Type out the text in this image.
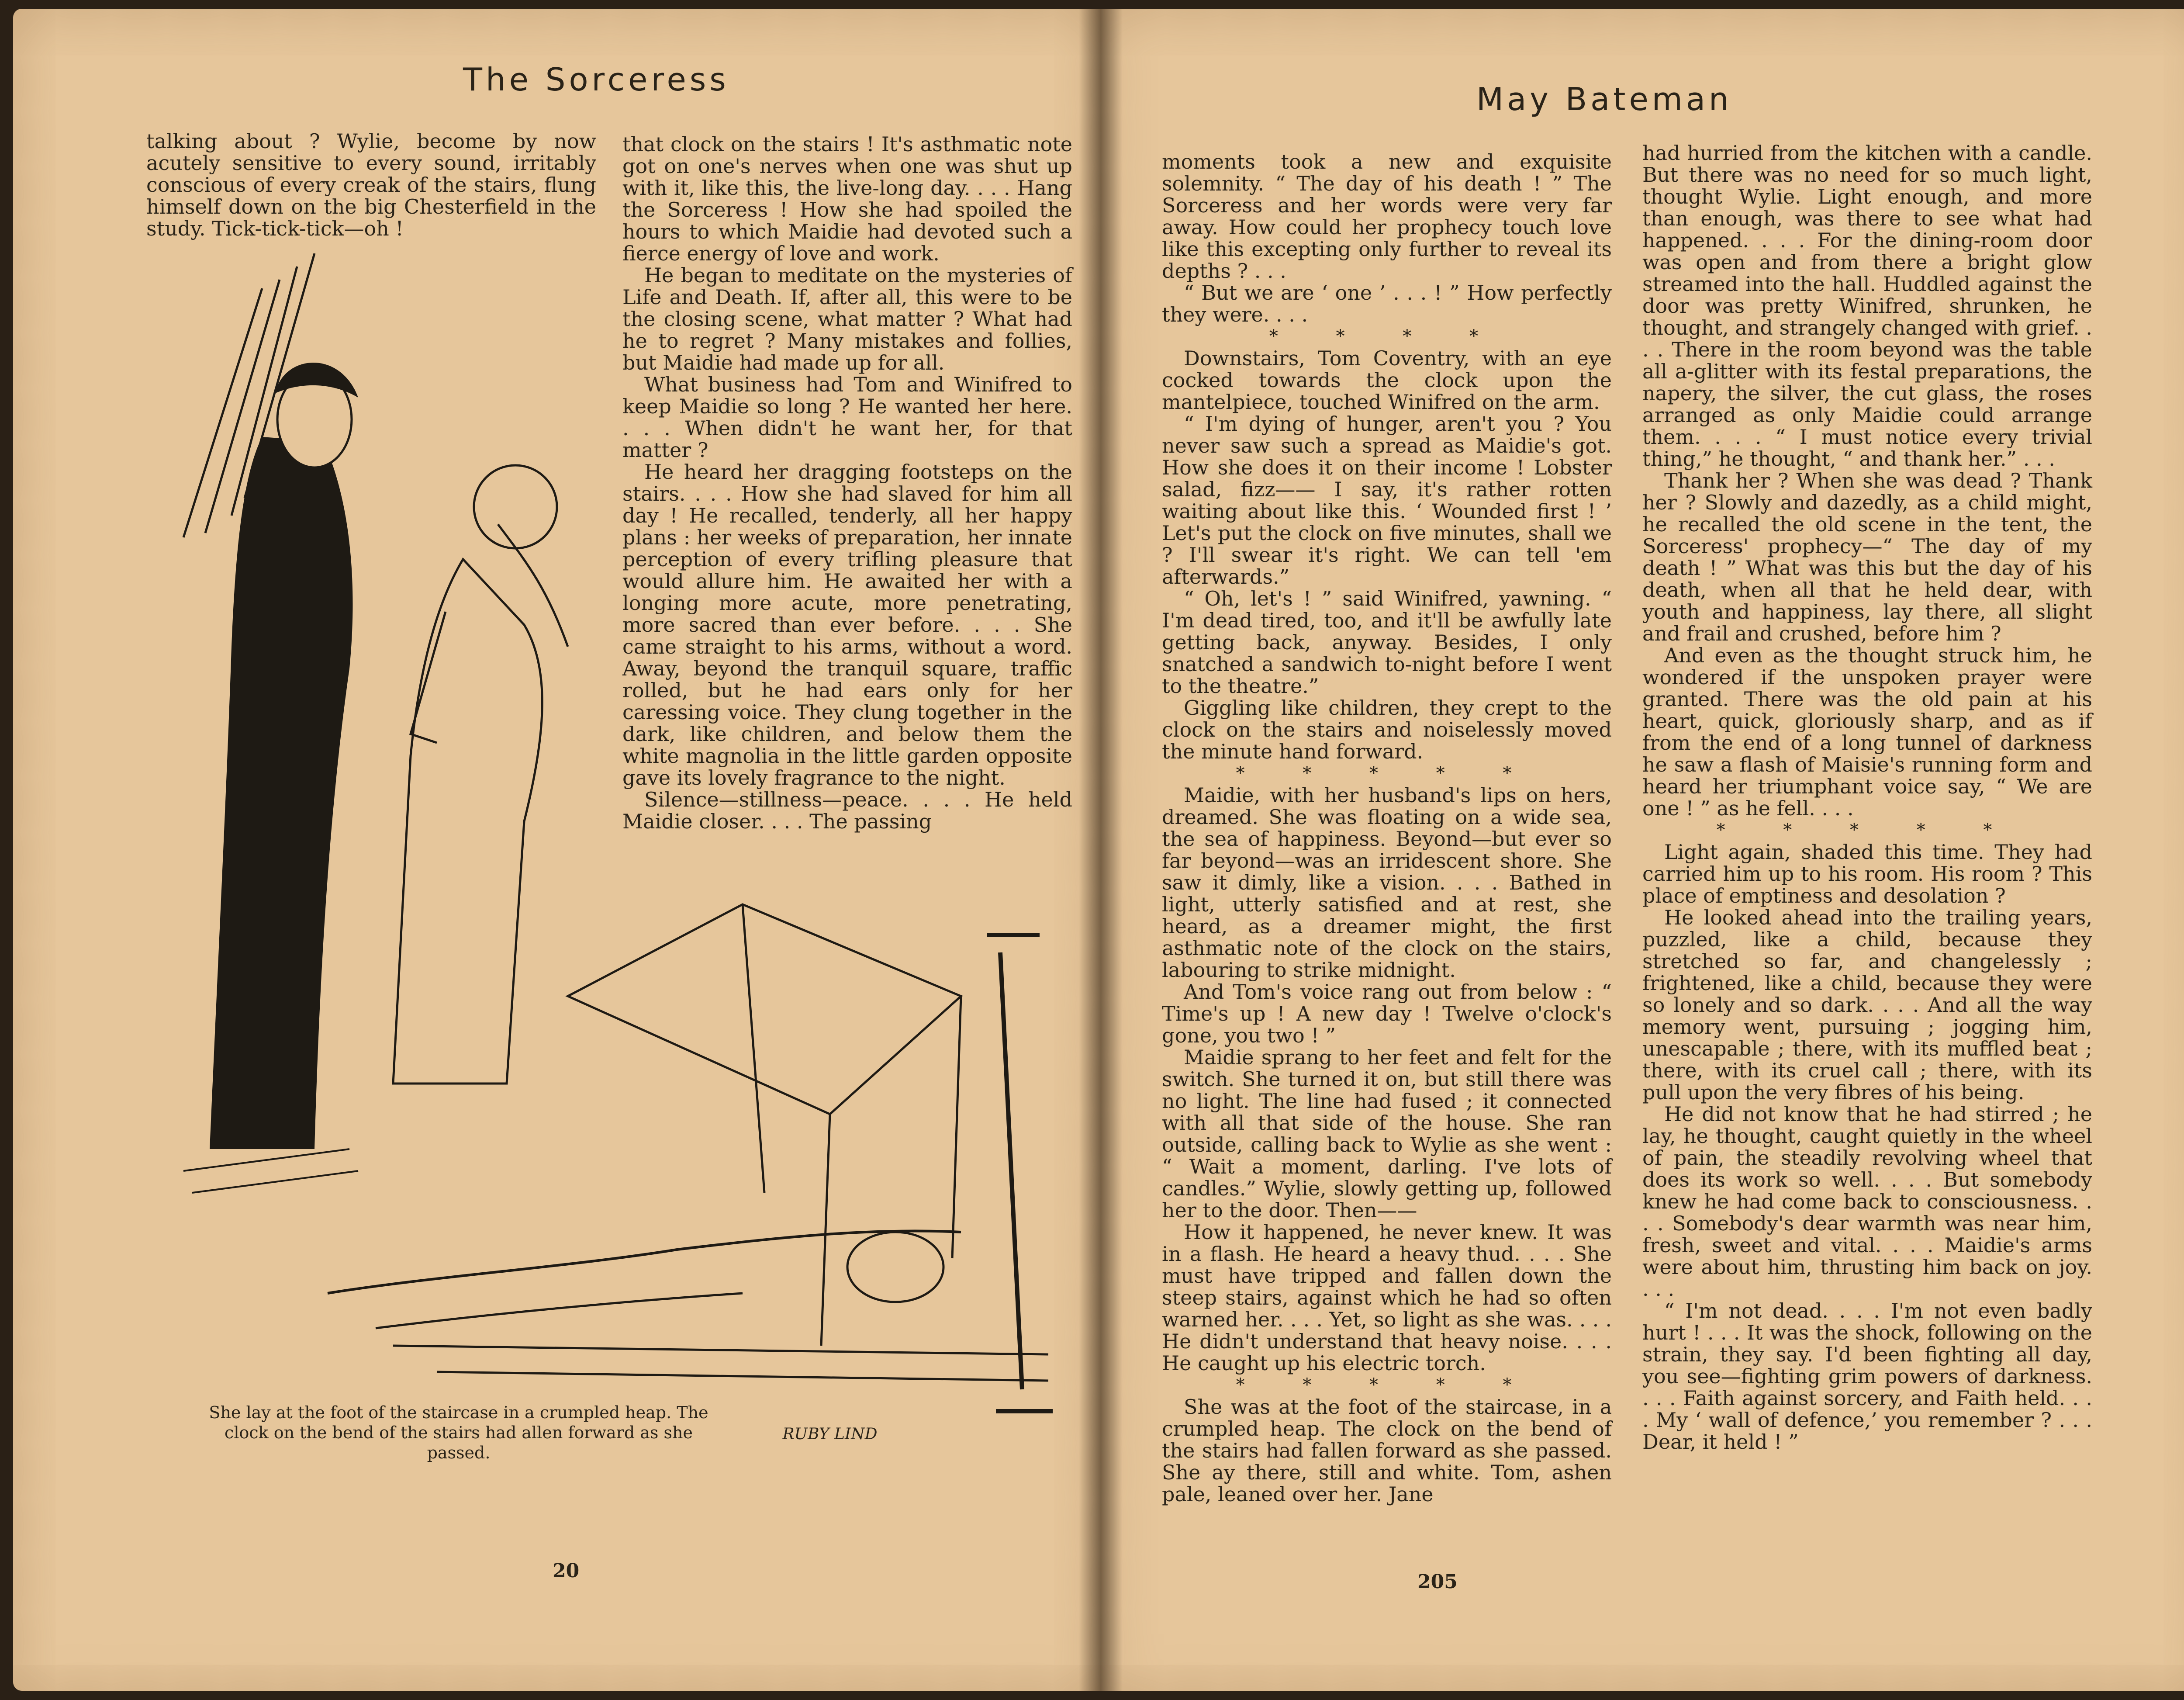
The Sorceress

talking about ? Wylie, become by now acutely sensitive to every sound, irritably conscious of every creak of the stairs, flung himself down on the big Chesterfield in the study. Tick-tick-tick—oh !

that clock on the stairs ! It's asthmatic note got on one's nerves when one was shut up with it, like this, the live-long day. . . . Hang the Sorceress ! How she had spoiled the hours to which Maidie had devoted such a fierce energy of love and work.

He began to meditate on the mysteries of Life and Death. If, after all, this were to be the closing scene, what matter ? What had he to regret ? Many mistakes and follies, but Maidie had made up for all.

What business had Tom and Winifred to keep Maidie so long ? He wanted her here. . . . When didn't he want her, for that matter ?

He heard her dragging footsteps on the stairs. . . . How she had slaved for him all day ! He recalled, tenderly, all her happy plans : her weeks of preparation, her innate perception of every trifling pleasure that would allure him. He awaited her with a longing more acute, more penetrating, more sacred than ever before. . . . She came straight to his arms, without a word. Away, beyond the tranquil square, traffic rolled, but he had ears only for her caressing voice. They clung together in the dark, like children, and below them the white magnolia in the little garden opposite gave its lovely fragrance to the night.

Silence—stillness—peace. . . . He held Maidie closer. . . . The passing

She lay at the foot of the staircase in a crumpled heap. The clock on the bend of the stairs had allen forward as she passed.
RUBY LIND
20
May Bateman

moments took a new and exquisite solemnity. “ The day of his death ! ” The Sorceress and her words were very far away. How could her prophecy touch love like this excepting only further to reveal its depths ? . . .

“ But we are ‘ one ’ . . . ! ” How perfectly they were. . . .

* * * *

Downstairs, Tom Coventry, with an eye cocked towards the clock upon the mantelpiece, touched Winifred on the arm.

“ I'm dying of hunger, aren't you ? You never saw such a spread as Maidie's got. How she does it on their income ! Lobster salad, fizz—— I say, it's rather rotten waiting about like this. ‘ Wounded first ! ’ Let's put the clock on five minutes, shall we ? I'll swear it's right. We can tell 'em afterwards.”

“ Oh, let's ! ” said Winifred, yawning. “ I'm dead tired, too, and it'll be awfully late getting back, anyway. Besides, I only snatched a sandwich to-night before I went to the theatre.”

Giggling like children, they crept to the clock on the stairs and noiselessly moved the minute hand forward.

* * * * *

Maidie, with her husband's lips on hers, dreamed. She was floating on a wide sea, the sea of happiness. Beyond—but ever so far beyond—was an irridescent shore. She saw it dimly, like a vision. . . . Bathed in light, utterly satisfied and at rest, she heard, as a dreamer might, the first asthmatic note of the clock on the stairs, labouring to strike midnight.

And Tom's voice rang out from below : “ Time's up ! A new day ! Twelve o'clock's gone, you two ! ”

Maidie sprang to her feet and felt for the switch. She turned it on, but still there was no light. The line had fused ; it connected with all that side of the house. She ran outside, calling back to Wylie as she went : “ Wait a moment, darling. I've lots of candles.” Wylie, slowly getting up, followed her to the door. Then——

How it happened, he never knew. It was in a flash. He heard a heavy thud. . . . She must have tripped and fallen down the steep stairs, against which he had so often warned her. . . . Yet, so light as she was. . . . He didn't understand that heavy noise. . . . He caught up his electric torch.

* * * * *

She was at the foot of the staircase, in a crumpled heap. The clock on the bend of the stairs had fallen forward as she passed. She ay there, still and white. Tom, ashen pale, leaned over her. Jane

had hurried from the kitchen with a candle. But there was no need for so much light, thought Wylie. Light enough, and more than enough, was there to see what had happened. . . . For the dining-room door was open and from there a bright glow streamed into the hall. Huddled against the door was pretty Winifred, shrunken, he thought, and strangely changed with grief. . . . There in the room beyond was the table all a-glitter with its festal preparations, the napery, the silver, the cut glass, the roses arranged as only Maidie could arrange them. . . . “ I must notice every trivial thing,” he thought, “ and thank her.” . . .

Thank her ? When she was dead ? Thank her ? Slowly and dazedly, as a child might, he recalled the old scene in the tent, the Sorceress' prophecy—“ The day of my death ! ” What was this but the day of his death, when all that he held dear, with youth and happiness, lay there, all slight and frail and crushed, before him ?

And even as the thought struck him, he wondered if the unspoken prayer were granted. There was the old pain at his heart, quick, gloriously sharp, and as if from the end of a long tunnel of darkness he saw a flash of Maisie's running form and heard her triumphant voice say, “ We are one ! ” as he fell. . . .

* * * * *

Light again, shaded this time. They had carried him up to his room. His room ? This place of emptiness and desolation ?

He looked ahead into the trailing years, puzzled, like a child, because they stretched so far, and changelessly ; frightened, like a child, because they were so lonely and so dark. . . . And all the way memory went, pursuing ; jogging him, unescapable ; there, with its muffled beat ; there, with its cruel call ; there, with its pull upon the very fibres of his being.

He did not know that he had stirred ; he lay, he thought, caught quietly in the wheel of pain, the steadily revolving wheel that does its work so well. . . . But somebody knew he had come back to consciousness. . . . Somebody's dear warmth was near him, fresh, sweet and vital. . . . Maidie's arms were about him, thrusting him back on joy. . . .

“ I'm not dead. . . . I'm not even badly hurt ! . . . It was the shock, following on the strain, they say. I'd been fighting all day, you see—fighting grim powers of darkness. . . . Faith against sorcery, and Faith held. . . . My ‘ wall of defence,’ you remember ? . . . Dear, it held ! ”

205
